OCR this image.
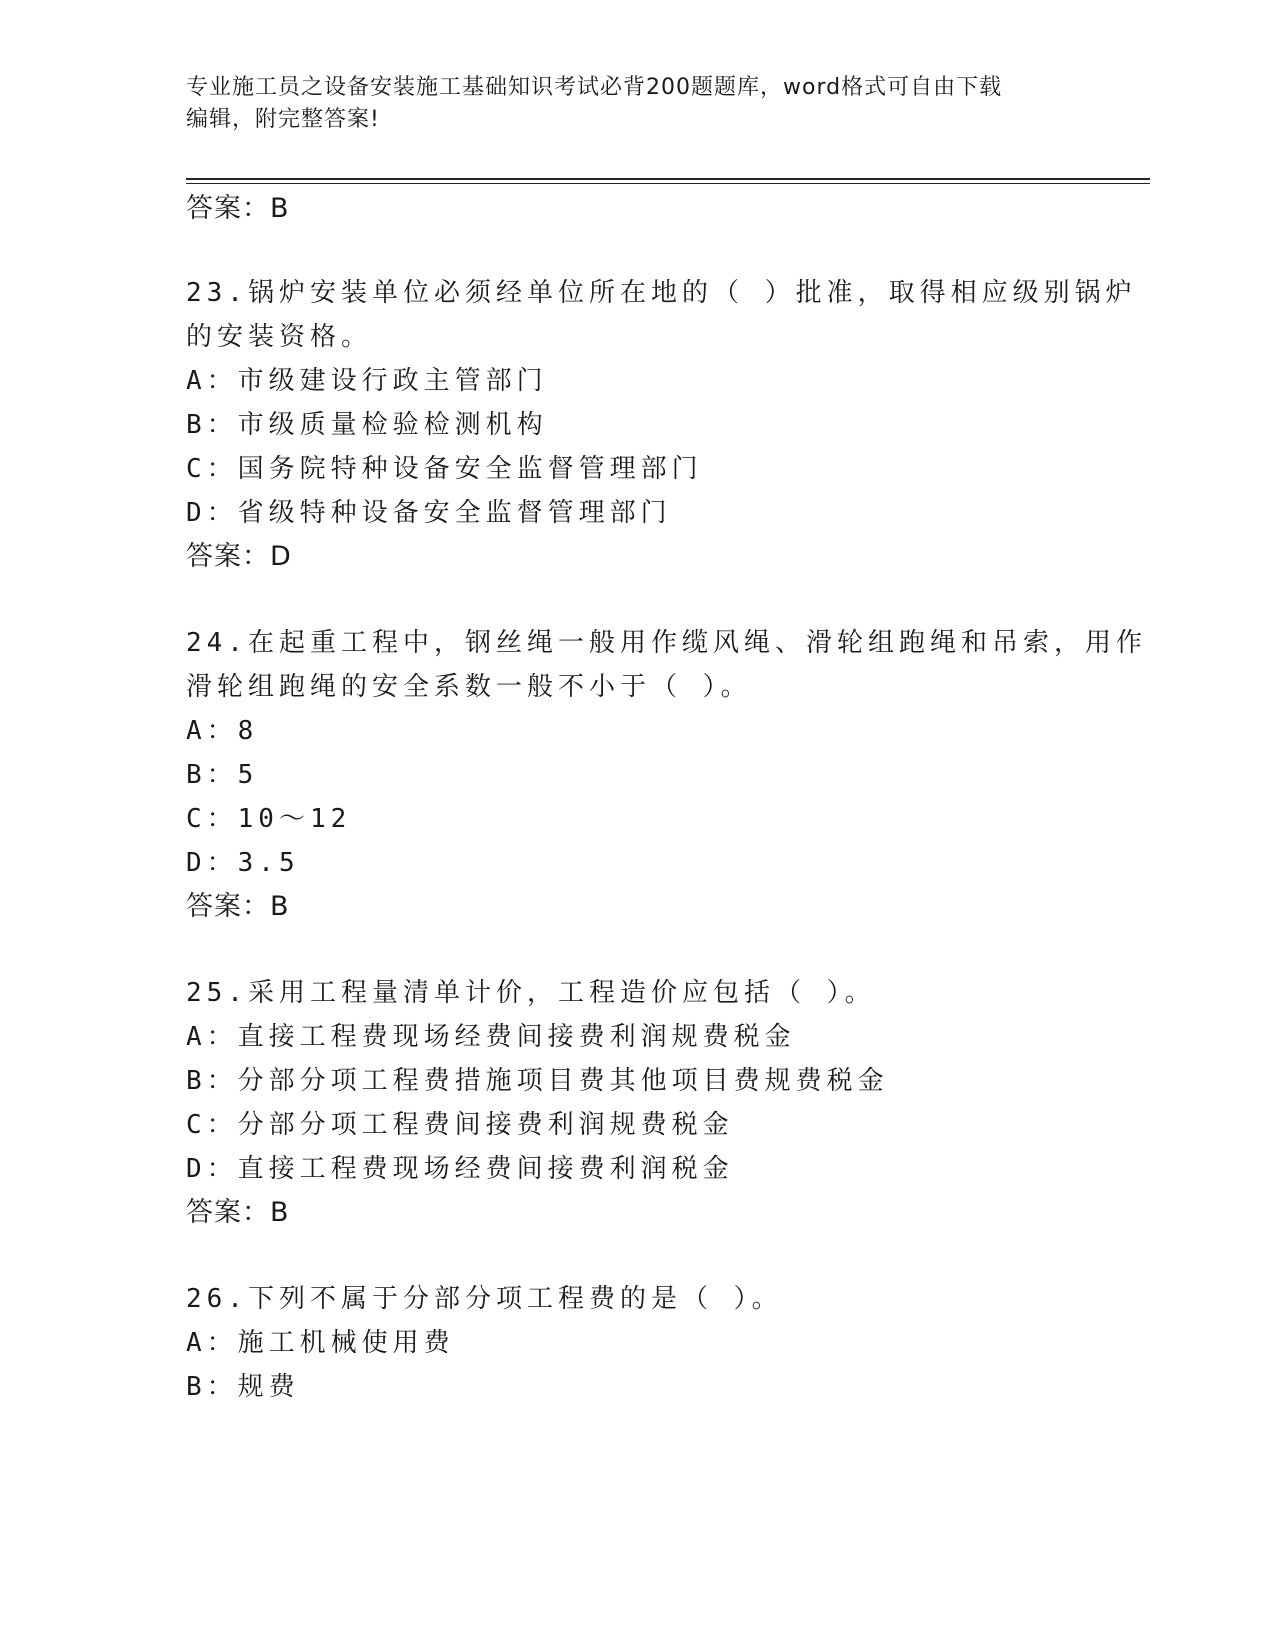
专业施工员之设备安装施工基础知识考试必背200题题库，word格式可自由下载
编辑，附完整答案!
答案：B
23.锅炉安装单位必须经单位所在地的（ ）批准，取得相应级别锅炉
的安装资格。
A：市级建设行政主管部门
B：市级质量检验检测机构
C：国务院特种设备安全监督管理部门
D：省级特种设备安全监督管理部门
答案：D
24.在起重工程中，钢丝绳一般用作缆风绳、滑轮组跑绳和吊索，用作
滑轮组跑绳的安全系数一般不小于（ ）。
A：8
B：5
C：10～12
D：3.5
答案：B
25.采用工程量清单计价，工程造价应包括（ ）。
A：直接工程费现场经费间接费利润规费税金
B：分部分项工程费措施项目费其他项目费规费税金
C：分部分项工程费间接费利润规费税金
D：直接工程费现场经费间接费利润税金
答案：B
26.下列不属于分部分项工程费的是（ ）。
A：施工机械使用费
B：规费
